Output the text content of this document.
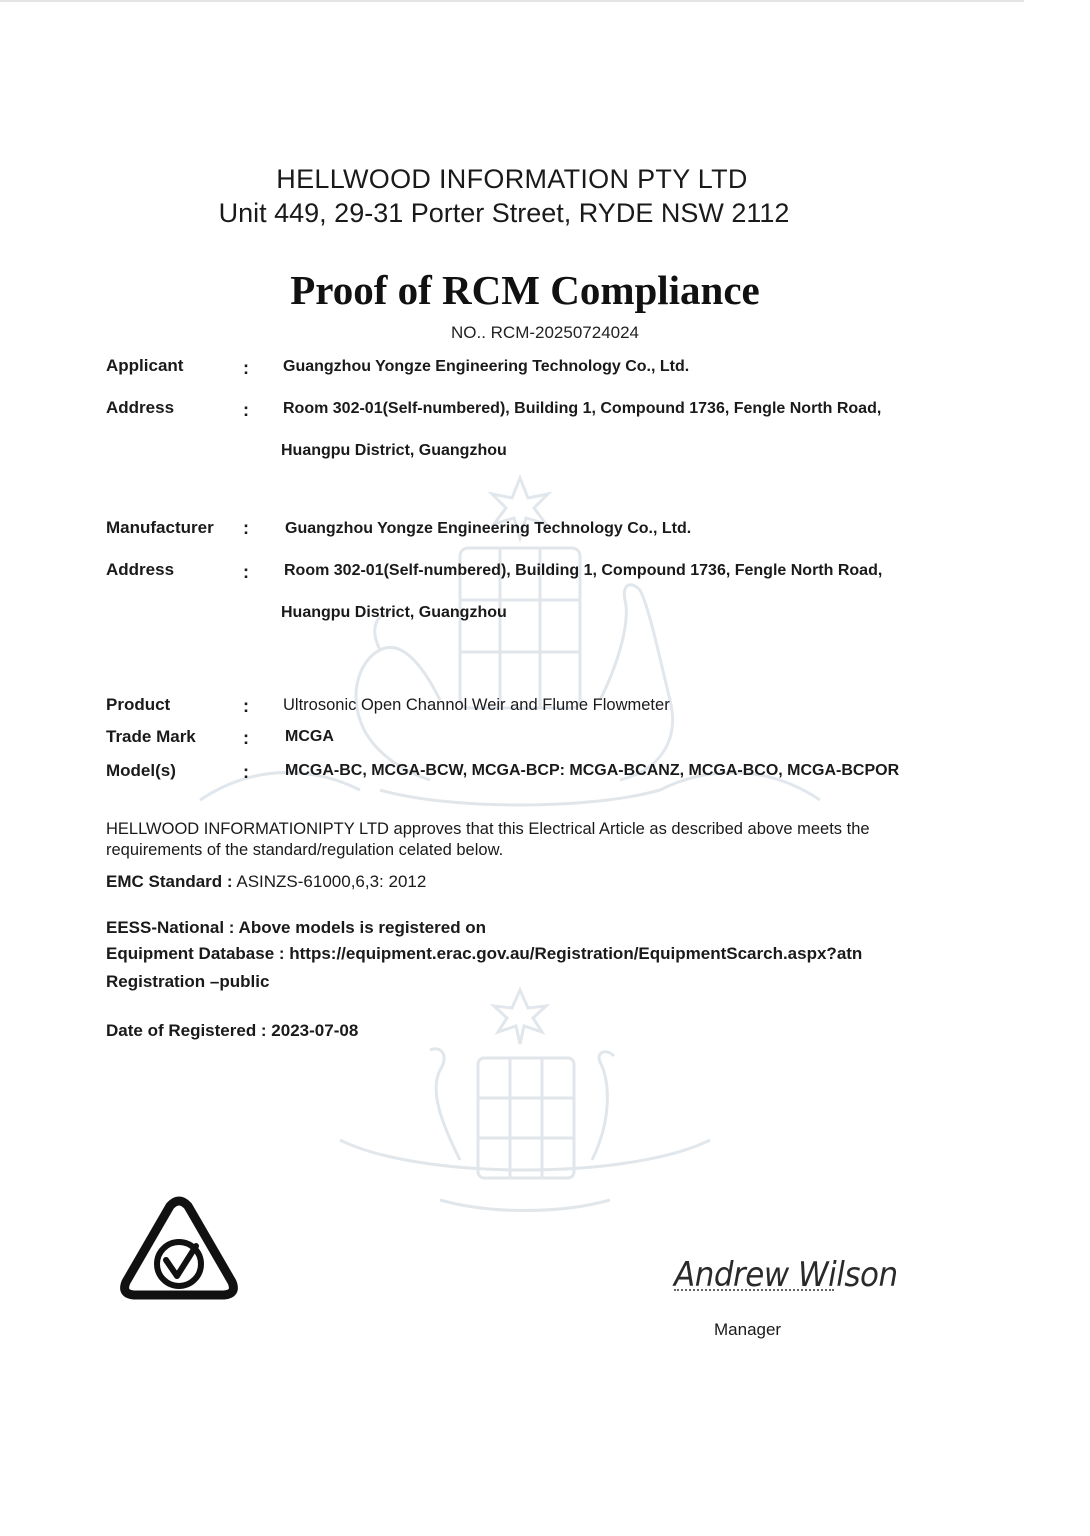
HELLWOOD INFORMATION PTY LTD
Unit 449, 29-31 Porter Street, RYDE NSW 2112
Proof of RCM Compliance
NO.. RCM-20250724024
Applicant	: Guangzhou Yongze Engineering Technology Co., Ltd.
Address	: Room 302-01(Self-numbered), Building 1, Compound 1736, Fengle North Road,
Huangpu District, Guangzhou
Manufacturer : Guangzhou Yongze Engineering Technology Co., Ltd.
Address	: Room 302-01(Self-numbered), Building 1, Compound 1736, Fengle North Road,
Huangpu District, Guangzhou
Product	: Ultrosonic Open Channol Weir and Flume Flowmeter
Trade Mark	: MCGA
Model(s)	: MCGA-BC, MCGA-BCW, MCGA-BCP: MCGA-BCANZ, MCGA-BCO, MCGA-BCPOR
HELLWOOD INFORMATIONIPTY LTD approves that this Electrical Article as described above meets the
requirements of the standard/regulation celated below.
EMC Standard : ASINZS-61000,6,3: 2012
EESS-National : Above models is registered on
Equipment Database : https://equipment.erac.gov.au/Registration/EquipmentScarch.aspx?atn
Registration –public
Date of Registered : 2023-07-08
Andrew Wilson
Manager
